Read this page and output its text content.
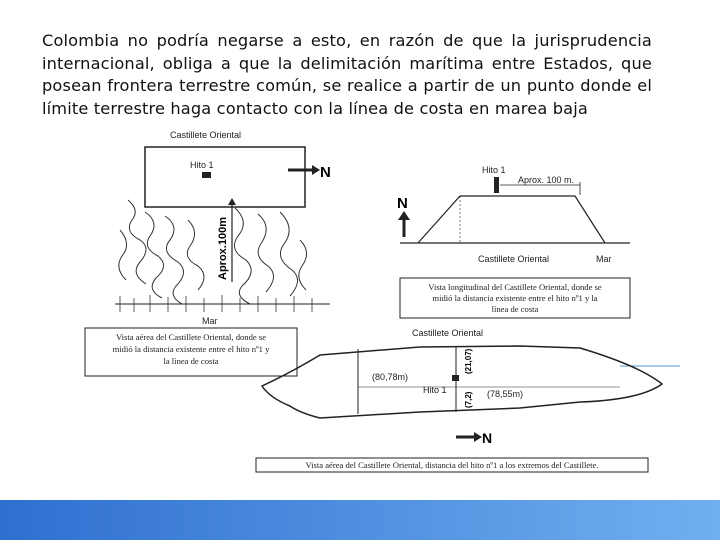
Colombia no podría negarse a esto, en razón de que la jurisprudencia internacional, obliga a que la delimitación marítima entre Estados, que posean frontera terrestre común, se realice a partir de un punto donde el límite terrestre haga contacto con la línea de costa en marea baja
Castillete Oriental
Hito 1	N
Aprox.100m
Mar
Vista aérea del Castillete Oriental, donde se
midió la distancia existente entre el hito nº1 y
la línea de costa
Hito 1
Aprox. 100 m.
N
Castillete Oriental	Mar
Vista longitudinal del Castillete Oriental, donde se
midió la distancia existente entre el hito nº1 y la
línea de costa
Castillete Oriental
(80,78m)
(78,55m)
Hito 1
(21,07)
(7,2)
N
Vista aérea del Castillete Oriental, distancia del hito nº1 a los extremos del Castillete.
